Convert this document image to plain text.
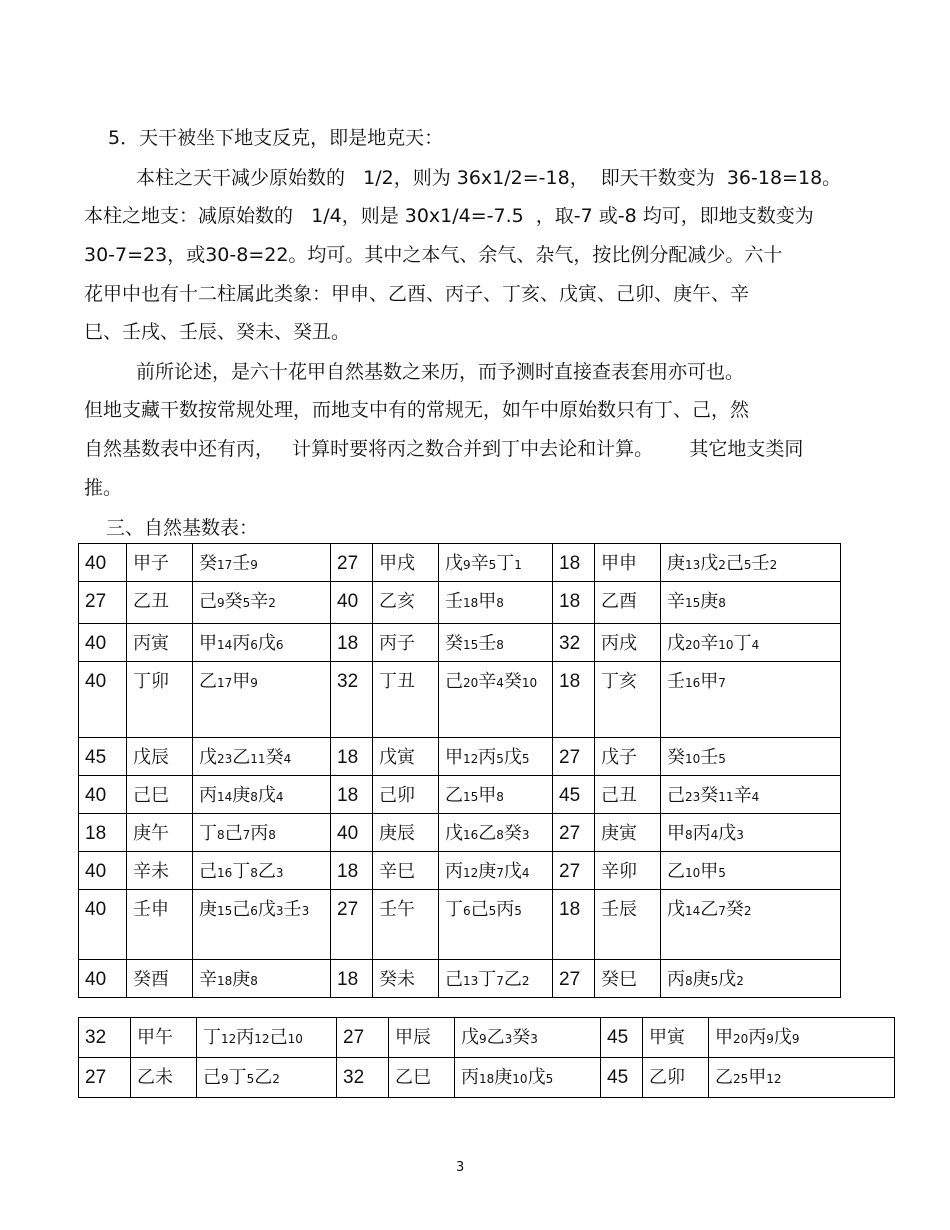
5．天干被坐下地支反克，即是地克天：
本柱之天干减少原始数的   1/2，则为 36x1/2=-18，  即天干数变为  36-18=18。
本柱之地支：减原始数的   1/4，则是 30x1/4=-7.5  ，取-7 或-8 均可，即地支数变为
30-7=23，或30-8=22。均可。其中之本气、余气、杂气，按比例分配减少。六十
花甲中也有十二柱属此类象：甲申、乙酉、丙子、丁亥、戊寅、己卯、庚午、辛
巳、壬戌、壬辰、癸未、癸丑。
前所论述，是六十花甲自然基数之来历，而予测时直接查表套用亦可也。
但地支藏干数按常规处理，而地支中有的常规无，如午中原始数只有丁、己，然
自然基数表中还有丙，   计算时要将丙之数合并到丁中去论和计算。      其它地支类同
推。
三、自然基数表：
40	甲子	癸17壬9	27	甲戌	戊9辛5丁1	18	甲申	庚13戊2己5壬2

27	乙丑	己9癸5辛2	40	乙亥	壬18甲8	18	乙酉	辛15庚8

40	丙寅	甲14丙6戊6	18	丙子	癸15壬8	32	丙戌	戊20辛10丁4

40	丁卯	乙17甲9	32	丁丑	己20辛4癸10	18	丁亥	壬16甲7

45	戊辰	戊23乙11癸4	18	戊寅	甲12丙5戊5	27	戊子	癸10壬5

40	己巳	丙14庚8戊4	18	己卯	乙15甲8	45	己丑	己23癸11辛4

18	庚午	丁8己7丙8	40	庚辰	戊16乙8癸3	27	庚寅	甲8丙4戊3

40	辛未	己16丁8乙3	18	辛巳	丙12庚7戊4	27	辛卯	乙10甲5

40	壬申	庚15己6戊3壬3	27	壬午	丁6己5丙5	18	壬辰	戊14乙7癸2

40	癸酉	辛18庚8	18	癸未	己13丁7乙2	27	癸巳	丙8庚5戊2
32	甲午	丁12丙12己10	27	甲辰	戊9乙3癸3	45	甲寅	甲20丙9戊9

27	乙未	己9丁5乙2	32	乙巳	丙18庚10戊5	45	乙卯	乙25甲12
3
